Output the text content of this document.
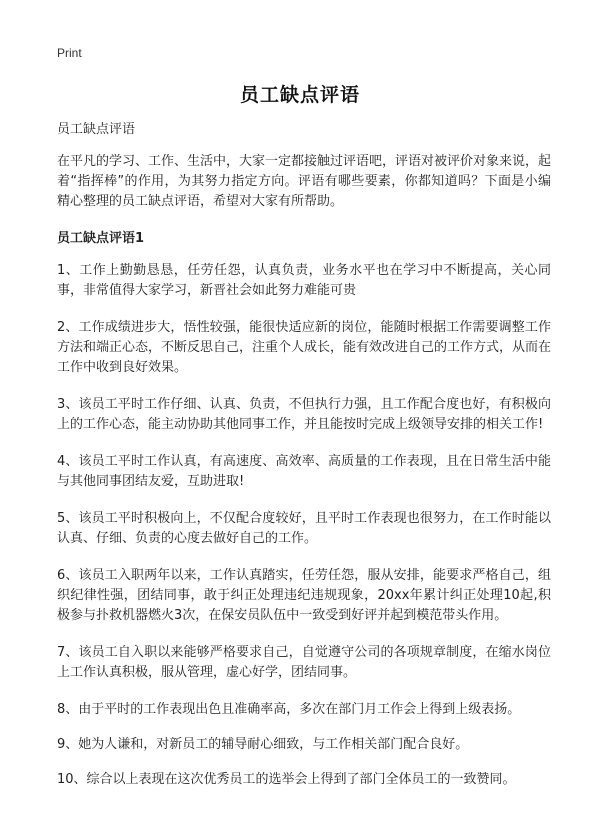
Print
员工缺点评语

员工缺点评语

在平凡的学习、工作、生活中，大家一定都接触过评语吧，评语对被评价对象来说，起着“指挥棒”的作用，为其努力指定方向。评语有哪些要素，你都知道吗？下面是小编精心整理的员工缺点评语，希望对大家有所帮助。

员工缺点评语1

1、工作上勤勤恳恳，任劳任怨，认真负责，业务水平也在学习中不断提高，关心同事，非常值得大家学习，新晋社会如此努力难能可贵

2、工作成绩进步大，悟性较强，能很快适应新的岗位，能随时根据工作需要调整工作方法和端正心态，不断反思自己，注重个人成长，能有效改进自己的工作方式，从而在工作中收到良好效果。

3、该员工平时工作仔细、认真、负责，不但执行力强，且工作配合度也好，有积极向上的工作心态，能主动协助其他同事工作，并且能按时完成上级领导安排的相关工作!

4、该员工平时工作认真，有高速度、高效率、高质量的工作表现，且在日常生活中能与其他同事团结友爱，互助进取!

5、该员工平时积极向上，不仅配合度较好，且平时工作表现也很努力，在工作时能以认真、仔细、负责的心度去做好自己的工作。

6、该员工入职两年以来，工作认真踏实，任劳任怨，服从安排，能要求严格自己，组织纪律性强，团结同事，敢于纠正处理违纪违规现象，20xx年累计纠正处理10起,积极参与扑救机器燃火3次，在保安员队伍中一致受到好评并起到模范带头作用。

7、该员工自入职以来能够严格要求自己，自觉遵守公司的各项规章制度，在缩水岗位上工作认真积极，服从管理，虚心好学，团结同事。

8、由于平时的工作表现出色且准确率高，多次在部门月工作会上得到上级表扬。

9、她为人谦和，对新员工的辅导耐心细致，与工作相关部门配合良好。

10、综合以上表现在这次优秀员工的选举会上得到了部门全体员工的一致赞同。
